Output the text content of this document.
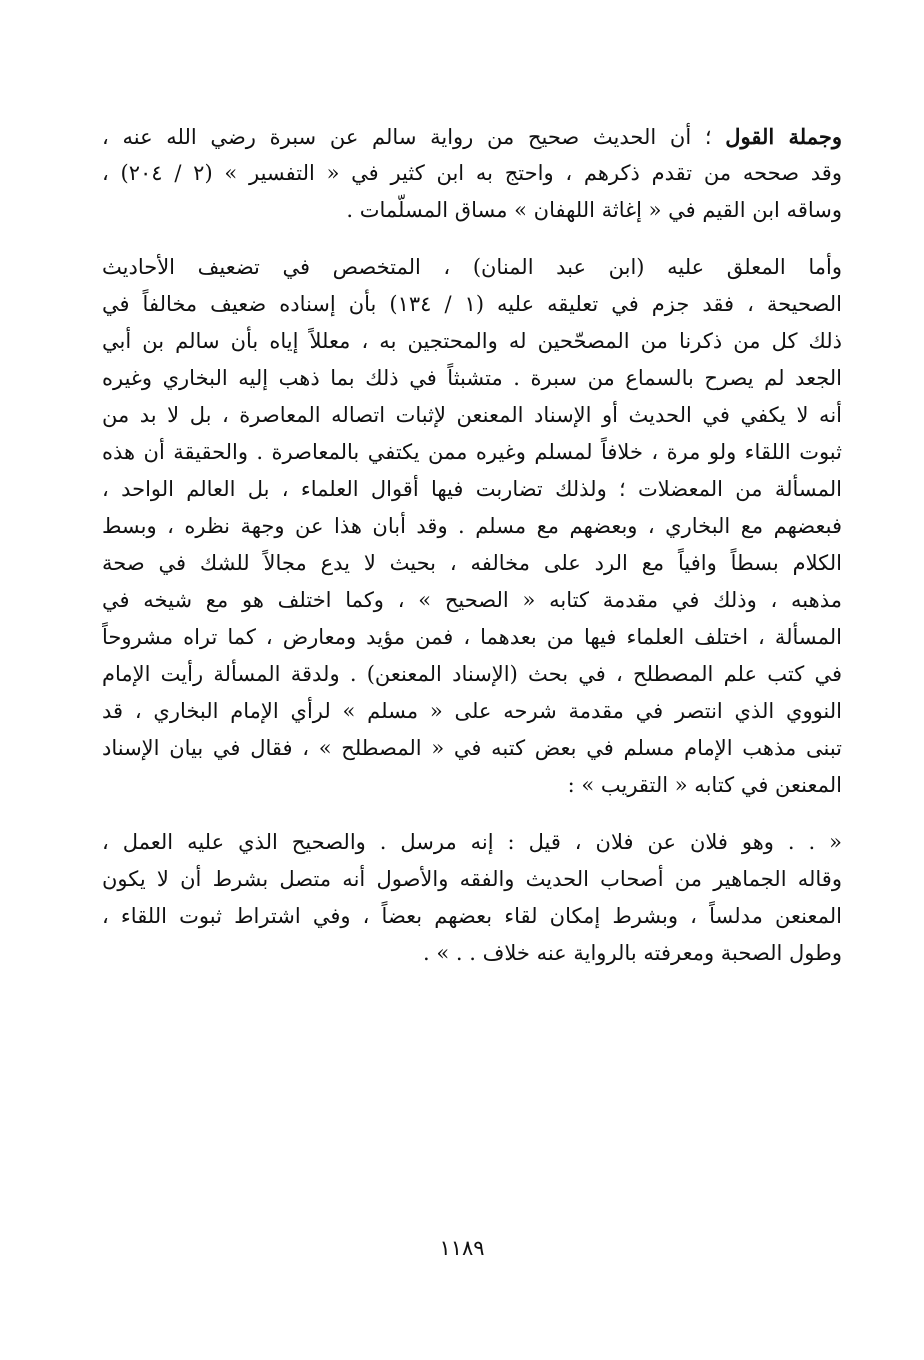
وجملة القول ؛ أن الحديث صحيح من رواية سالم عن سبرة رضي الله عنه ،
وقد صححه من تقدم ذكرهم ، واحتج به ابن كثير في « التفسير » (٢ / ٢٠٤) ،
وساقه ابن القيم في « إغاثة اللهفان » مساق المسلّمات .
وأما المعلق عليه (ابن عبد المنان) ، المتخصص في تضعيف الأحاديث
الصحيحة ، فقد جزم في تعليقه عليه (١ / ١٣٤) بأن إسناده ضعيف مخالفاً في
ذلك كل من ذكرنا من المصحّحين له والمحتجين به ، معللاً إياه بأن سالم بن أبي
الجعد لم يصرح بالسماع من سبرة . متشبثاً في ذلك بما ذهب إليه البخاري وغيره
أنه لا يكفي في الحديث أو الإسناد المعنعن لإثبات اتصاله المعاصرة ، بل لا بد من
ثبوت اللقاء ولو مرة ، خلافاً لمسلم وغيره ممن يكتفي بالمعاصرة . والحقيقة أن هذه
المسألة من المعضلات ؛ ولذلك تضاربت فيها أقوال العلماء ، بل العالم الواحد ،
فبعضهم مع البخاري ، وبعضهم مع مسلم . وقد أبان هذا عن وجهة نظره ، وبسط
الكلام بسطاً وافياً مع الرد على مخالفه ، بحيث لا يدع مجالاً للشك في صحة
مذهبه ، وذلك في مقدمة كتابه « الصحيح » ، وكما اختلف هو مع شيخه في
المسألة ، اختلف العلماء فيها من بعدهما ، فمن مؤيد ومعارض ، كما تراه مشروحاً
في كتب علم المصطلح ، في بحث (الإسناد المعنعن) . ولدقة المسألة رأيت الإمام
النووي الذي انتصر في مقدمة شرحه على « مسلم » لرأي الإمام البخاري ، قد
تبنى مذهب الإمام مسلم في بعض كتبه في « المصطلح » ، فقال في بيان الإسناد
المعنعن في كتابه « التقريب » :
« . . وهو فلان عن فلان ، قيل : إنه مرسل . والصحيح الذي عليه العمل ،
وقاله الجماهير من أصحاب الحديث والفقه والأصول أنه متصل بشرط أن لا يكون
المعنعن مدلساً ، وبشرط إمكان لقاء بعضهم بعضاً ، وفي اشتراط ثبوت اللقاء ،
وطول الصحبة ومعرفته بالرواية عنه خلاف . . » .
١١٨٩
